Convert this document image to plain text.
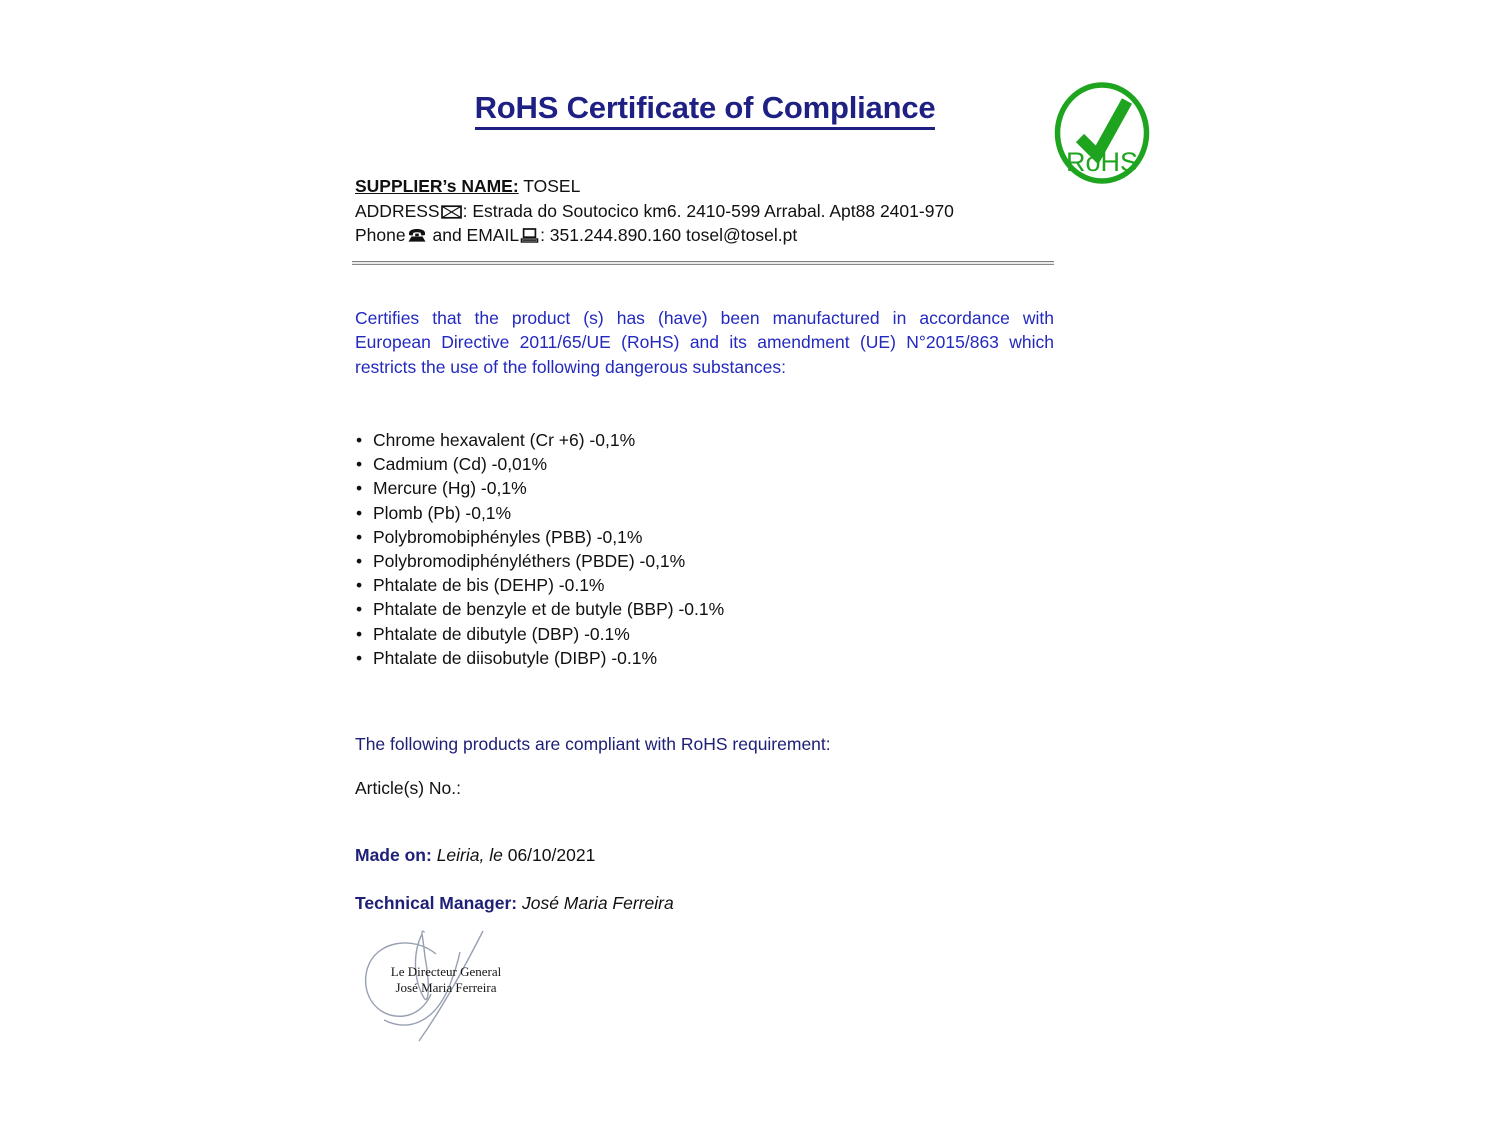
RoHS Certificate of Compliance
RoHS
SUPPLIER’s NAME: TOSEL
ADDRESS : Estrada do Soutocico km6. 2410-599 Arrabal. Apt88 2401-970
Phone and EMAIL : 351.244.890.160 tosel@tosel.pt
Certifies that the product (s) has (have) been manufactured in accordance with
European Directive 2011/65/UE (RoHS) and its amendment (UE) N°2015/863 which
restricts the use of the following dangerous substances:
• Chrome hexavalent (Cr +6) -0,1%
• Cadmium (Cd) -0,01%
• Mercure (Hg) -0,1%
• Plomb (Pb) -0,1%
• Polybromobiphényles (PBB) -0,1%
• Polybromodiphényléthers (PBDE) -0,1%
• Phtalate de bis (DEHP) -0.1%
• Phtalate de benzyle et de butyle (BBP) -0.1%
• Phtalate de dibutyle (DBP) -0.1%
• Phtalate de diisobutyle (DIBP) -0.1%
The following products are compliant with RoHS requirement:
Article(s) No.:
Made on: Leiria, le 06/10/2021
Technical Manager: José Maria Ferreira
Le Directeur General
José Maria Ferreira
